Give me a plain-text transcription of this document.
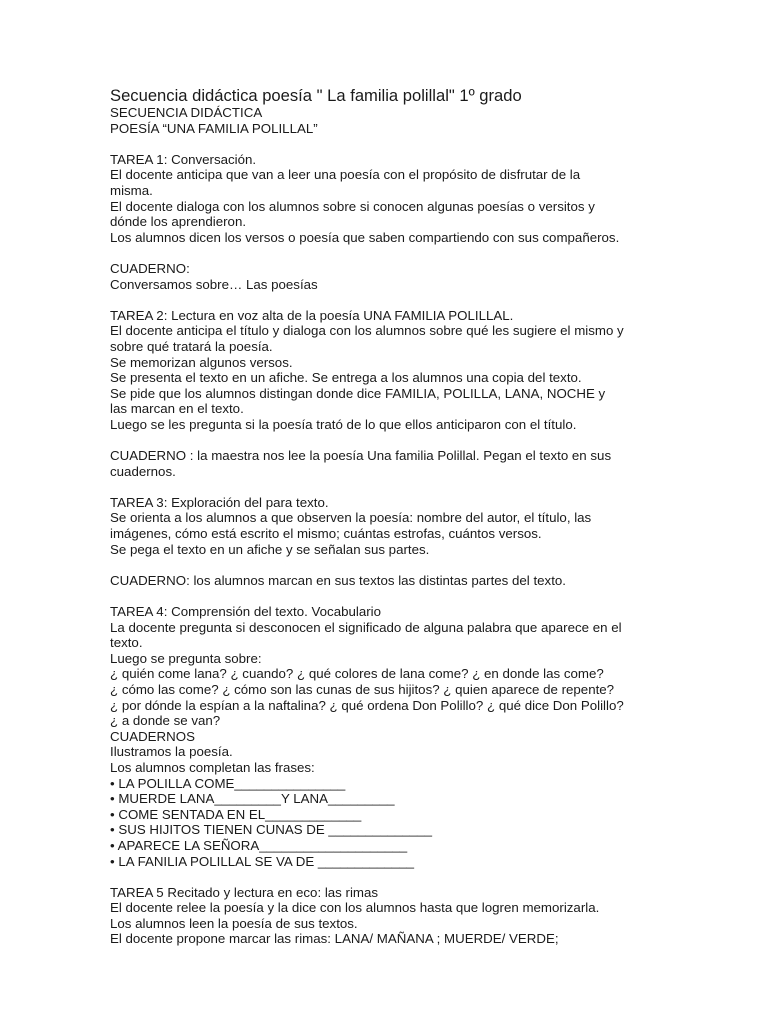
Secuencia didáctica poesía " La familia polillal" 1º grado

SECUENCIA DIDÁCTICA
POESÍA “UNA FAMILIA POLILLAL”
TAREA 1: Conversación.
El docente anticipa que van a leer una poesía con el propósito de disfrutar de la
misma.
El docente dialoga con los alumnos sobre si conocen algunas poesías o versitos y
dónde los aprendieron.
Los alumnos dicen los versos o poesía que saben compartiendo con sus compañeros.
CUADERNO:
Conversamos sobre… Las poesías
TAREA 2: Lectura en voz alta de la poesía UNA FAMILIA POLILLAL.
El docente anticipa el título y dialoga con los alumnos sobre qué les sugiere el mismo y
sobre qué tratará la poesía.
Se memorizan algunos versos.
Se presenta el texto en un afiche. Se entrega a los alumnos una copia del texto.
Se pide que los alumnos distingan donde dice FAMILIA, POLILLA, LANA, NOCHE y
las marcan en el texto.
Luego se les pregunta si la poesía trató de lo que ellos anticiparon con el título.
CUADERNO : la maestra nos lee la poesía Una familia Polillal. Pegan el texto en sus
cuadernos.
TAREA 3: Exploración del para texto.
Se orienta a los alumnos a que observen la poesía: nombre del autor, el título, las
imágenes, cómo está escrito el mismo; cuántas estrofas, cuántos versos.
Se pega el texto en un afiche y se señalan sus partes.
CUADERNO: los alumnos marcan en sus textos las distintas partes del texto.
TAREA 4: Comprensión del texto. Vocabulario
La docente pregunta si desconocen el significado de alguna palabra que aparece en el
texto.
Luego se pregunta sobre:
¿ quién come lana? ¿ cuando? ¿ qué colores de lana come? ¿ en donde las come?
¿ cómo las come? ¿ cómo son las cunas de sus hijitos? ¿ quien aparece de repente?
¿ por dónde la espían a la naftalina? ¿ qué ordena Don Polillo? ¿ qué dice Don Polillo?
¿ a donde se van?
CUADERNOS
Ilustramos la poesía.
Los alumnos completan las frases:
• LA POLILLA COME_______________
• MUERDE LANA_________Y LANA_________
• COME SENTADA EN EL_____________
• SUS HIJITOS TIENEN CUNAS DE ______________
• APARECE LA SEÑORA____________________
• LA FANILIA POLILLAL SE VA DE _____________
TAREA 5 Recitado y lectura en eco: las rimas
El docente relee la poesía y la dice con los alumnos hasta que logren memorizarla.
Los alumnos leen la poesía de sus textos.
El docente propone marcar las rimas: LANA/ MAÑANA ; MUERDE/ VERDE;
